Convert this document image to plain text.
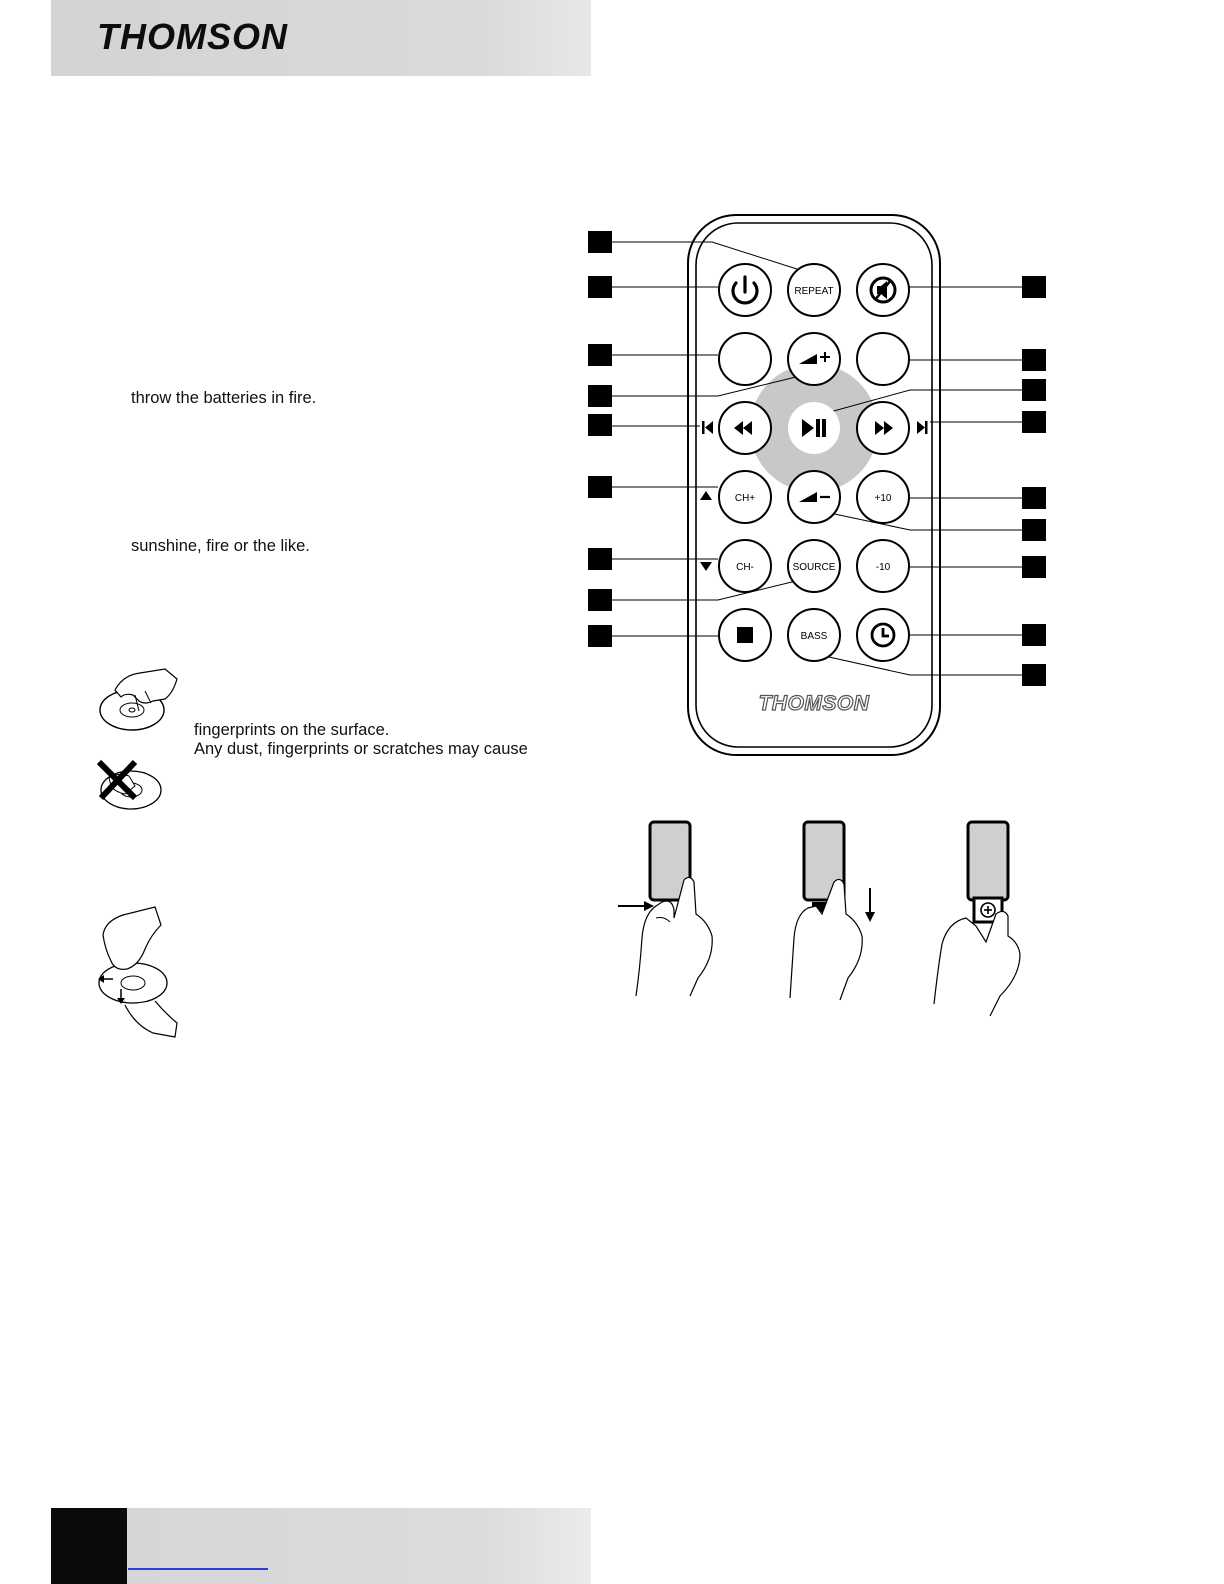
THOMSON
throw the batteries in fire.
sunshine, fire or the like.
fingerprints on the surface.
Any dust, fingerprints or scratches may cause
REPEAT
CH+	+10
CH-	SOURCE	-10
BASS
THOMSON
